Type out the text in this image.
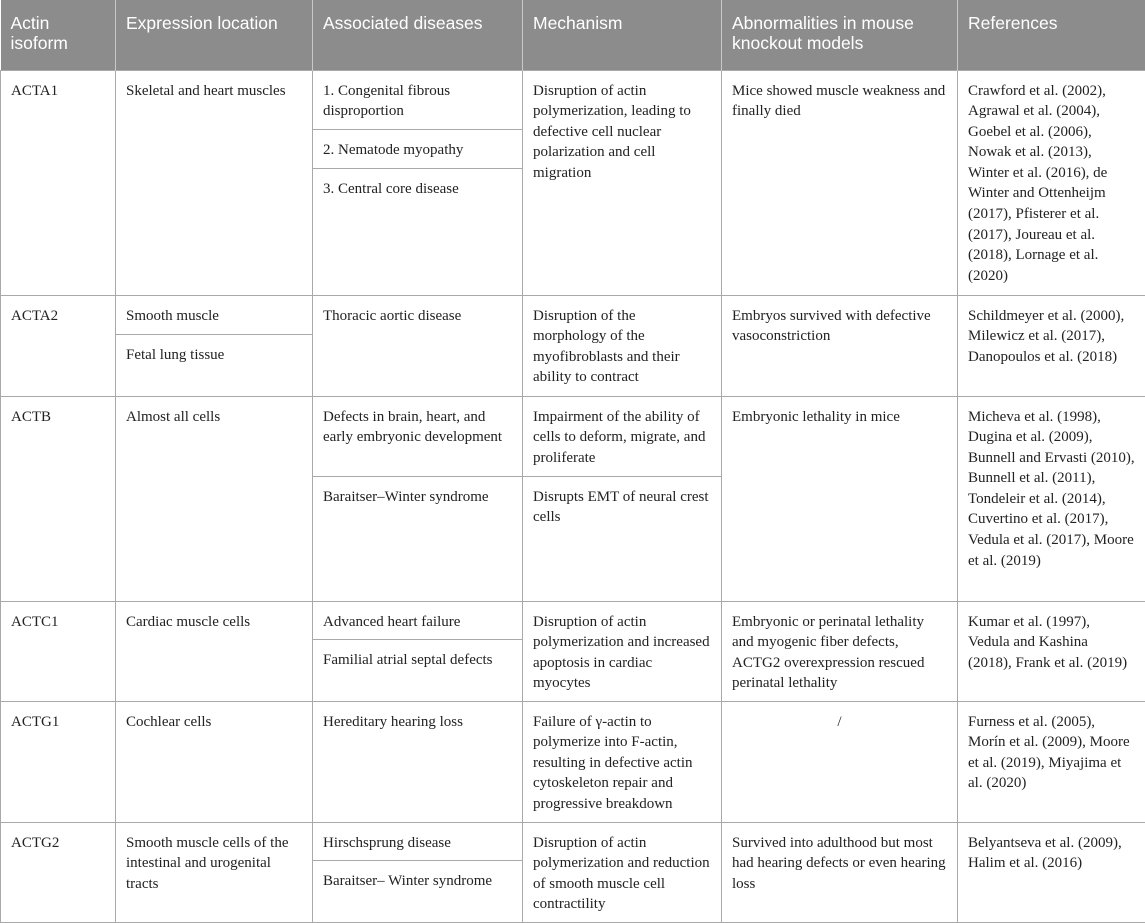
Actin isoform	Expression location	Associated diseases	Mechanism	Abnormalities in mouse knockout models	References
ACTA1	Skeletal and heart muscles	1. Congenital fibrous disproportion	Disruption of actin polymerization, leading to defective cell nuclear polarization and cell migration	Mice showed muscle weakness and finally died	Crawford et al. (2002), Agrawal et al. (2004), Goebel et al. (2006), Nowak et al. (2013), Winter et al. (2016), de Winter and Ottenheijm (2017), Pfisterer et al. (2017), Joureau et al. (2018), Lornage et al. (2020)
		2. Nematode myopathy			
		3. Central core disease			
ACTA2	Smooth muscle	Thoracic aortic disease	Disruption of the morphology of the myofibroblasts and their ability to contract	Embryos survived with defective vasoconstriction	Schildmeyer et al. (2000), Milewicz et al. (2017), Danopoulos et al. (2018)
	Fetal lung tissue				
ACTB	Almost all cells	Defects in brain, heart, and early embryonic development	Impairment of the ability of cells to deform, migrate, and proliferate	Embryonic lethality in mice	Micheva et al. (1998), Dugina et al. (2009), Bunnell and Ervasti (2010), Bunnell et al. (2011), Tondeleir et al. (2014), Cuvertino et al. (2017), Vedula et al. (2017), Moore et al. (2019)
		Baraitser–Winter syndrome	Disrupts EMT of neural crest cells		
ACTC1	Cardiac muscle cells	Advanced heart failure	Disruption of actin polymerization and increased apoptosis in cardiac myocytes	Embryonic or perinatal lethality and myogenic fiber defects, ACTG2 overexpression rescued perinatal lethality	Kumar et al. (1997), Vedula and Kashina (2018), Frank et al. (2019)
		Familial atrial septal defects			
ACTG1	Cochlear cells	Hereditary hearing loss	Failure of γ-actin to polymerize into F-actin, resulting in defective actin cytoskeleton repair and progressive breakdown	/	Furness et al. (2005), Morín et al. (2009), Moore et al. (2019), Miyajima et al. (2020)
ACTG2	Smooth muscle cells of the intestinal and urogenital tracts	Hirschsprung disease	Disruption of actin polymerization and reduction of smooth muscle cell contractility	Survived into adulthood but most had hearing defects or even hearing loss	Belyantseva et al. (2009), Halim et al. (2016)
		Baraitser– Winter syndrome			
